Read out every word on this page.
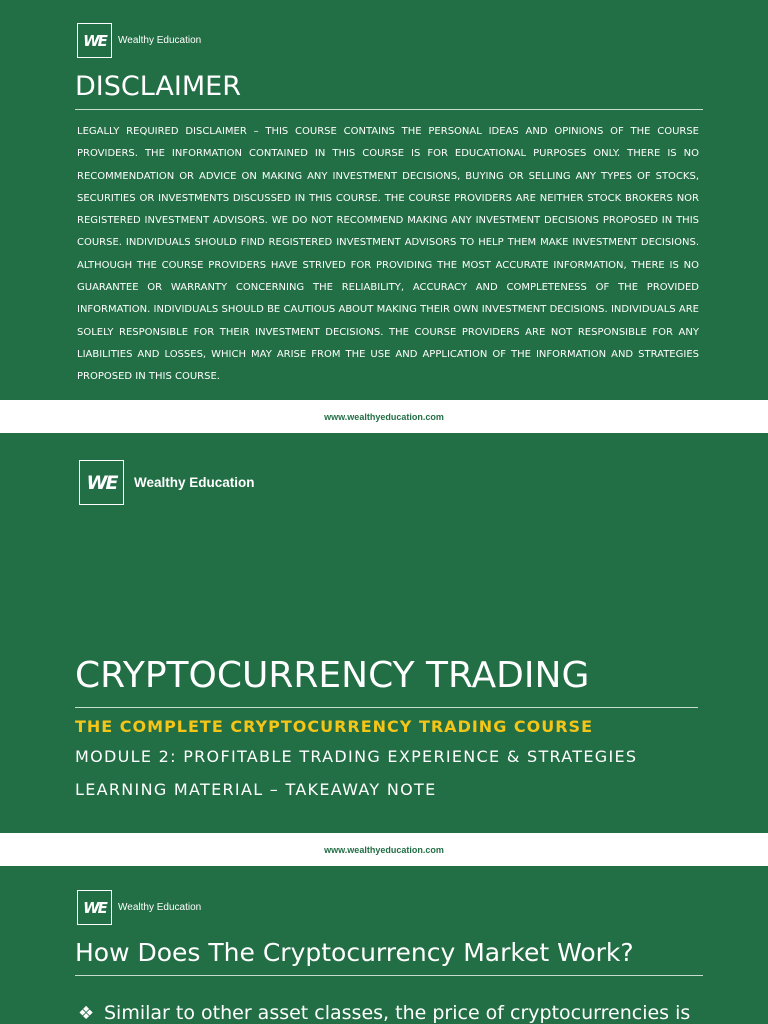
WE Wealthy Education
DISCLAIMER

LEGALLY REQUIRED DISCLAIMER – THIS COURSE CONTAINS THE PERSONAL IDEAS AND OPINIONS OF THE COURSE PROVIDERS. THE INFORMATION CONTAINED IN THIS COURSE IS FOR EDUCATIONAL PURPOSES ONLY. THERE IS NO RECOMMENDATION OR ADVICE ON MAKING ANY INVESTMENT DECISIONS, BUYING OR SELLING ANY TYPES OF STOCKS, SECURITIES OR INVESTMENTS DISCUSSED IN THIS COURSE. THE COURSE PROVIDERS ARE NEITHER STOCK BROKERS NOR REGISTERED INVESTMENT ADVISORS. WE DO NOT RECOMMEND MAKING ANY INVESTMENT DECISIONS PROPOSED IN THIS COURSE. INDIVIDUALS SHOULD FIND REGISTERED INVESTMENT ADVISORS TO HELP THEM MAKE INVESTMENT DECISIONS. ALTHOUGH THE COURSE PROVIDERS HAVE STRIVED FOR PROVIDING THE MOST ACCURATE INFORMATION, THERE IS NO GUARANTEE OR WARRANTY CONCERNING THE RELIABILITY, ACCURACY AND COMPLETENESS OF THE PROVIDED INFORMATION. INDIVIDUALS SHOULD BE CAUTIOUS ABOUT MAKING THEIR OWN INVESTMENT DECISIONS. INDIVIDUALS ARE SOLELY RESPONSIBLE FOR THEIR INVESTMENT DECISIONS. THE COURSE PROVIDERS ARE NOT RESPONSIBLE FOR ANY LIABILITIES AND LOSSES, WHICH MAY ARISE FROM THE USE AND APPLICATION OF THE INFORMATION AND STRATEGIES PROPOSED IN THIS COURSE.

www.wealthyeducation.com
WE Wealthy Education
CRYPTOCURRENCY TRADING
THE COMPLETE CRYPTOCURRENCY TRADING COURSE
MODULE 2: PROFITABLE TRADING EXPERIENCE & STRATEGIES
LEARNING MATERIAL – TAKEAWAY NOTE
www.wealthyeducation.com
WE Wealthy Education
How Does The Cryptocurrency Market Work?
❖ Similar to other asset classes, the price of cryptocurrencies is
